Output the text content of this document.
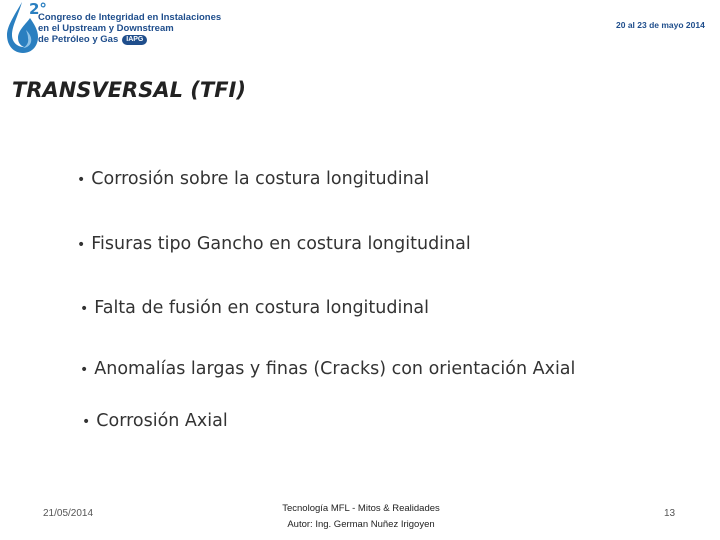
2°
Congreso de Integridad en Instalaciones
en el Upstream y Downstream
de Petróleo y Gas IAPG
20 al 23 de mayo 2014
TRANSVERSAL (TFI)
• Corrosión sobre la costura longitudinal
• Fisuras tipo Gancho en costura longitudinal
• Falta de fusión en costura longitudinal
• Anomalías largas y finas (Cracks) con orientación Axial
• Corrosión Axial
21/05/2014	Tecnología MFL - Mitos & Realidades
Autor: Ing. German Nuñez Irigoyen
13
